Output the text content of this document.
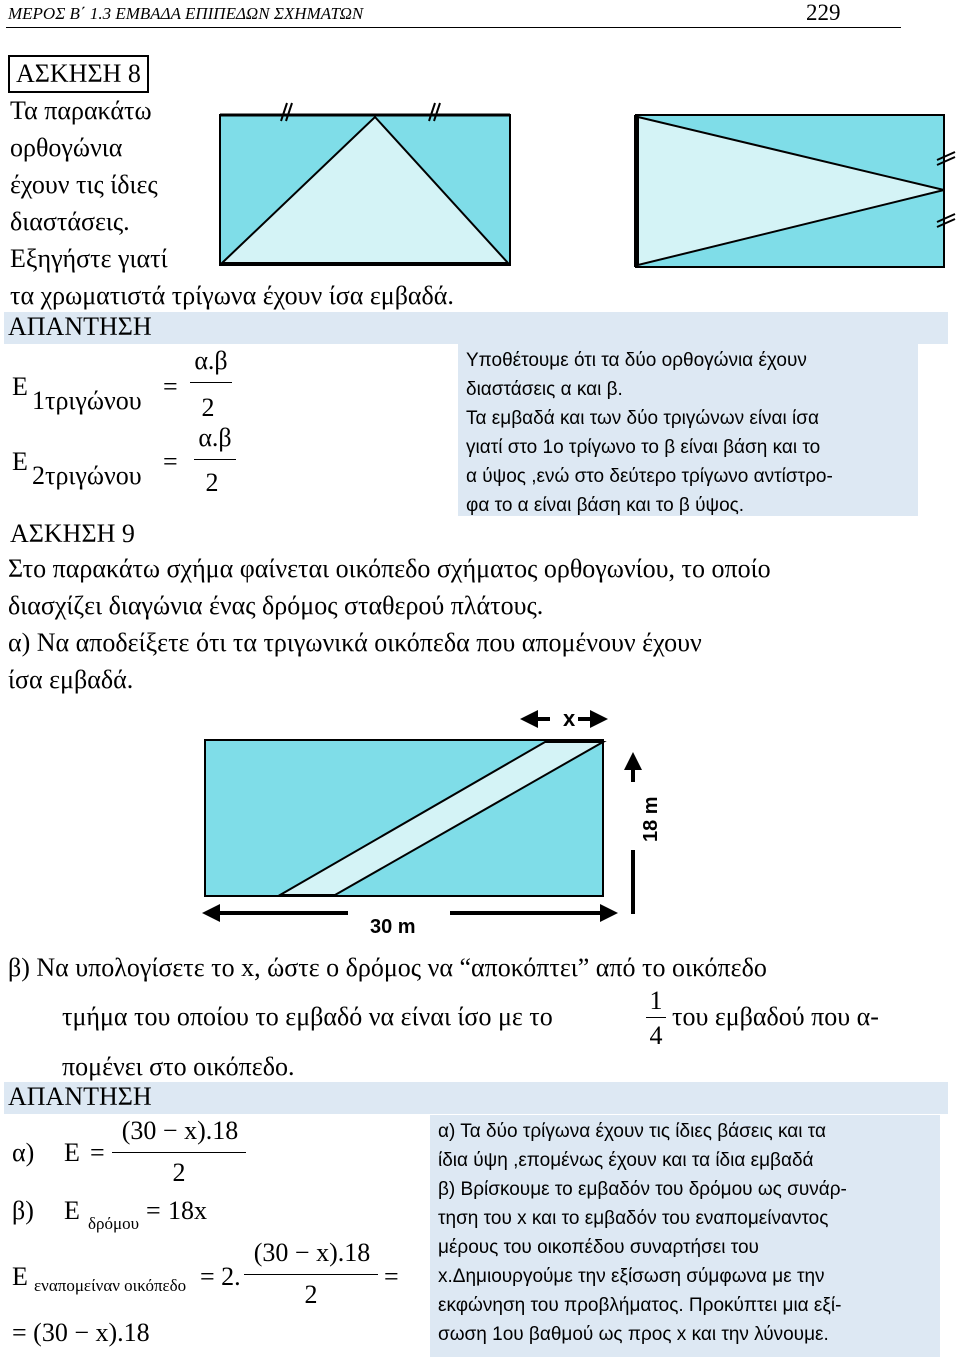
ΜΕΡΟΣ Β΄ 1.3 ΕΜΒΑΔΑ ΕΠΙΠΕΔΩΝ ΣΧΗΜΑΤΩΝ	229
ΑΣΚΗΣΗ 8
Τα παρακάτω
ορθογώνια
έχουν τις ίδιες
διαστάσεις.
Εξηγήστε γιατί
τα χρωματιστά τρίγωνα έχουν ίσα εμβαδά.
ΑΠΑΝΤΗΣΗ
Ε 1τριγώνου =
α.β
2
Ε 2τριγώνου =
α.β
2
Υποθέτουμε ότι τα δύο ορθογώνια έχουν
διαστάσεις α και β.
Τα εμβαδά και των δύο τριγώνων είναι ίσα
γιατί στο 1ο τρίγωνο το β είναι βάση και το
α ύψος ,ενώ στο δεύτερο τρίγωνο αντίστρο-
φα το α είναι βάση και το β ύψος.
ΑΣΚΗΣΗ 9
Στο παρακάτω σχήμα φαίνεται οικόπεδο σχήματος ορθογωνίου, το οποίο
διασχίζει διαγώνια ένας δρόμος σταθερού πλάτους.
α) Να αποδείξετε ότι τα τριγωνικά οικόπεδα που απομένουν έχουν
ίσα εμβαδά.
x
18 m
30 m
β) Να υπολογίσετε το x, ώστε ο δρόμος να “αποκόπτει” από το οικόπεδο
τμήμα του οποίου το εμβαδό να είναι ίσο με το
1
4
του εμβαδού που α-
πομένει στο οικόπεδο.
ΑΠΑΝΤΗΣΗ
α) Ε =
(30 − x).18
2
β) Ε δρόμου = 18x
Ε εναπομείναν οικόπεδο = 2.
(30 − x).18
2
=
= (30 − x).18
α) Τα δύο τρίγωνα έχουν τις ίδιες βάσεις και τα
ίδια ύψη ,επομένως έχουν και τα ίδια εμβαδά
β) Βρίσκουμε το εμβαδόν του δρόμου ως συνάρ-
τηση του x και το εμβαδόν του εναπομείναντος
μέρους του οικοπέδου συναρτήσει του
x.Δημιουργούμε την εξίσωση σύμφωνα με την
εκφώνηση του προβλήματος. Προκύπτει μια εξί-
σωση 1ου βαθμού ως προς x και την λύνουμε.
